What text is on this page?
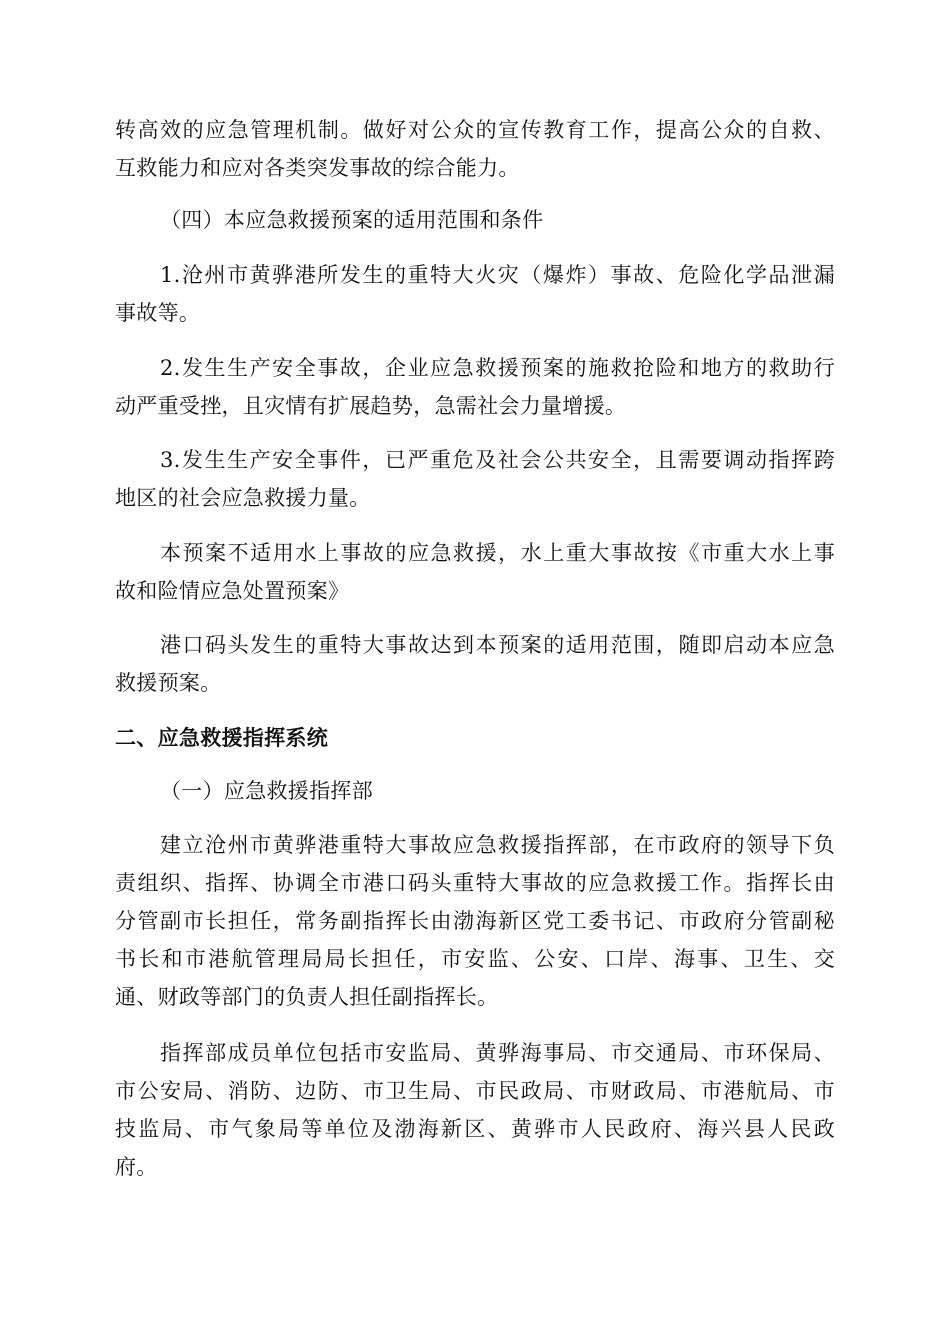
转高效的应急管理机制。做好对公众的宣传教育工作，提高公众的自救、
互救能力和应对各类突发事故的综合能力。
（四）本应急救援预案的适用范围和条件
1.沧州市黄骅港所发生的重特大火灾（爆炸）事故、危险化学品泄漏
事故等。
2.发生生产安全事故，企业应急救援预案的施救抢险和地方的救助行
动严重受挫，且灾情有扩展趋势，急需社会力量增援。
3.发生生产安全事件，已严重危及社会公共安全，且需要调动指挥跨
地区的社会应急救援力量。
本预案不适用水上事故的应急救援，水上重大事故按《市重大水上事
故和险情应急处置预案》
港口码头发生的重特大事故达到本预案的适用范围，随即启动本应急
救援预案。
二、应急救援指挥系统
（一）应急救援指挥部
建立沧州市黄骅港重特大事故应急救援指挥部，在市政府的领导下负
责组织、指挥、协调全市港口码头重特大事故的应急救援工作。指挥长由
分管副市长担任，常务副指挥长由渤海新区党工委书记、市政府分管副秘
书长和市港航管理局局长担任，市安监、公安、口岸、海事、卫生、交
通、财政等部门的负责人担任副指挥长。
指挥部成员单位包括市安监局、黄骅海事局、市交通局、市环保局、
市公安局、消防、边防、市卫生局、市民政局、市财政局、市港航局、市
技监局、市气象局等单位及渤海新区、黄骅市人民政府、海兴县人民政
府。
